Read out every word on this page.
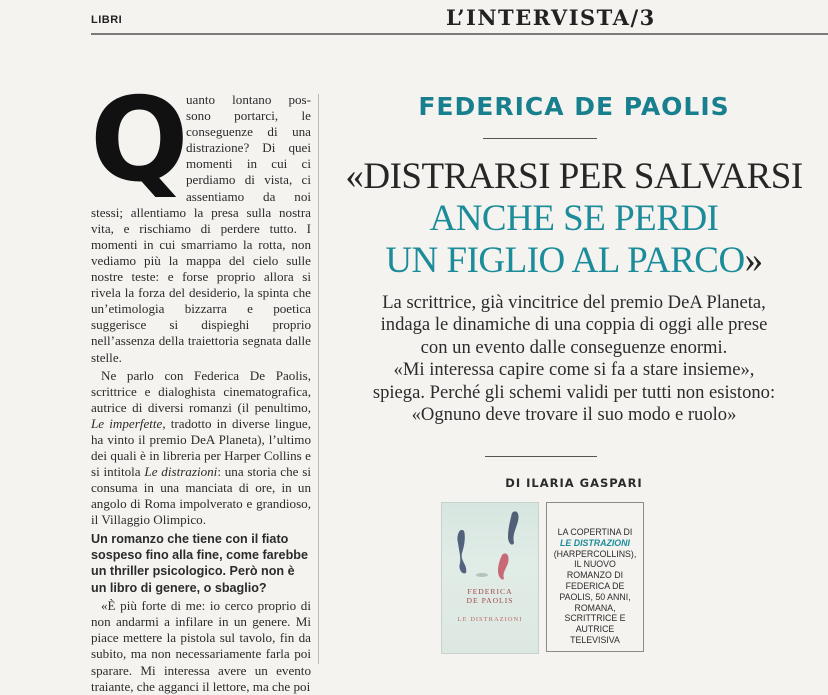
LIBRI	L’INTERVISTA/3
Q uanto lontano pos- sono portarci, le conseguenze di una distrazione? Di quei momenti in cui ci perdiamo di vista, ci assentiamo da noi stessi; allentiamo la presa sulla nostra vita, e rischiamo di perdere tutto. I momenti in cui smarriamo la rotta, non vediamo più la mappa del cielo sulle nostre teste: e forse proprio allora si rivela la forza del desiderio, la spinta che un’etimologia bizzarra e poetica suggerisce si dispieghi proprio nell’assenza della traiettoria segnata dalle stelle.

Ne parlo con Federica De Paolis, scrittrice e dialoghista cinematografica, autrice di diversi romanzi (il penultimo, Le imperfette, tradotto in diverse lingue, ha vinto il premio DeA Planeta), l’ultimo dei quali è in libreria per Harper Collins e si intitola Le distrazioni: una storia che si consuma in una manciata di ore, in un angolo di Roma impolverato e grandioso, il Villaggio Olimpico.

Un romanzo che tiene con il fiato sospeso fino alla fine, come farebbe un thriller psicologico. Però non è un libro di genere, o sbaglio?

«È più forte di me: io cerco proprio di non andarmi a infilare in un genere. Mi piace mettere la pistola sul tavolo, fin da subito, ma non necessariamente farla poi sparare. Mi interessa avere un evento traiante, che agganci il lettore, ma che poi

FEDERICA DE PAOLIS
«DISTRARSI PER SALVARSI
ANCHE SE PERDI
UN FIGLIO AL PARCO»
La scrittrice, già vincitrice del premio DeA Planeta,
indaga le dinamiche di una coppia di oggi alle prese
con un evento dalle conseguenze enormi.
«Mi interessa capire come si fa a stare insieme»,
spiega. Perché gli schemi validi per tutti non esistono:
«Ognuno deve trovare il suo modo e ruolo»
DI ILARIA GASPARI
FEDERICA
DE PAOLIS
LE DISTRAZIONI
LA COPERTINA DI
LE DISTRAZIONI
(HARPERCOLLINS), IL NUOVO ROMANZO DI FEDERICA DE PAOLIS, 50 ANNI, ROMANA, SCRITTRICE E AUTRICE TELEVISIVA
